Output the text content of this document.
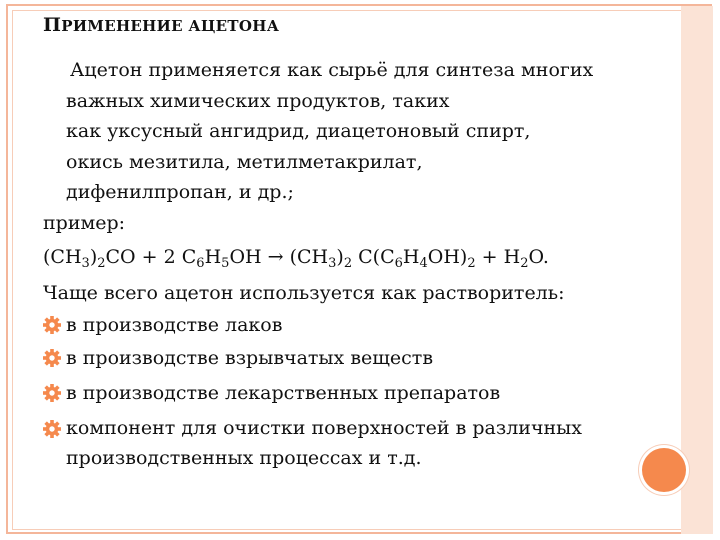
ПРИМЕНЕНИЕ АЦЕТОНА
Ацетон применяется как сырьё для синтеза многих
важных химических продуктов, таких
как уксусный ангидрид, диацетоновый спирт,
окись мезитила, метилметакрилат,
дифенилпропан, и др.;
пример:
$(CH_3)_2CO + 2$ $C_6H_5OH \to (CH_3)_2$ $C(C_6H_4OH)_2 + H_2O$.
Чаще всего ацетон используется как растворитель:
в производстве лаков
в производстве взрывчатых веществ
в производстве лекарственных препаратов
компонент для очистки поверхностей в различных
производственных процессах и т.д.
